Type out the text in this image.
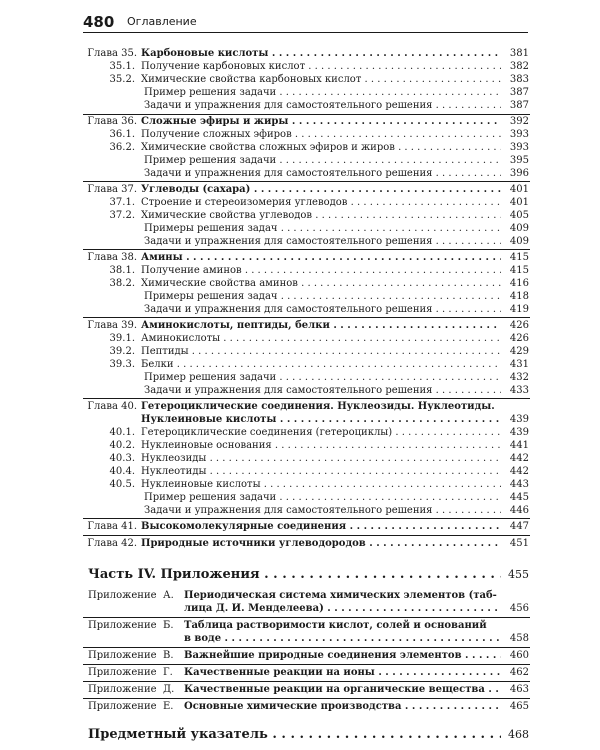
480 Оглавление
Глава 35. Карбоновые кислоты . . .	381
35.1. Получение карбоновых кислот . . .	382
35.2. Химические свойства карбоновых кислот . . .	383
Пример решения задачи . . .	387
Задачи и упражнения для самостоятельного решения . . .	387
Глава 36. Сложные эфиры и жиры . . .	392
36.1. Получение сложных эфиров . . .	393
36.2. Химические свойства сложных эфиров и жиров . . .	393
Пример решения задачи . . .	395
Задачи и упражнения для самостоятельного решения . . .	396
Глава 37. Углеводы (сахара) . . .	401
37.1. Строение и стереоизомерия углеводов . . .	401
37.2. Химические свойства углеводов . . .	405
Примеры решения задач . . .	409
Задачи и упражнения для самостоятельного решения . . .	409
Глава 38. Амины . . .	415
38.1. Получение аминов . . .	415
38.2. Химические свойства аминов . . .	416
Примеры решения задач . . .	418
Задачи и упражнения для самостоятельного решения . . .	419
Глава 39. Аминокислоты, пептиды, белки . . .	426
39.1. Аминокислоты . . .	426
39.2. Пептиды . . .	429
39.3. Белки . . .	431
Пример решения задачи . . .	432
Задачи и упражнения для самостоятельного решения . . .	433
Глава 40. Гетероциклические соединения. Нуклеозиды. Нуклеотиды.
Нуклеиновые кислоты . . .	439
40.1. Гетероциклические соединения (гетероциклы) . . .	439
40.2. Нуклеиновые основания . . .	441
40.3. Нуклеозиды . . .	442
40.4. Нуклеотиды . . .	442
40.5. Нуклеиновые кислоты . . .	443
Пример решения задачи . . .	445
Задачи и упражнения для самостоятельного решения . . .	446
Глава 41. Высокомолекулярные соединения . . .	447
Глава 42. Природные источники углеводородов . . .	451
Часть IV. Приложения . . .	455
Приложение А.	Периодическая система химических элементов (таб-
лица Д. И. Менделеева) . . .	456
Приложение Б.	Таблица растворимости кислот, солей и оснований
в воде . . .	458
Приложение В.	Важнейшие природные соединения элементов . . .	460
Приложение Г.	Качественные реакции на ионы . . .	462
Приложение Д. Качественные реакции на органические вещества . . .	463
Приложение Е.	Основные химические производства . . .	465
Предметный указатель . . .	468
